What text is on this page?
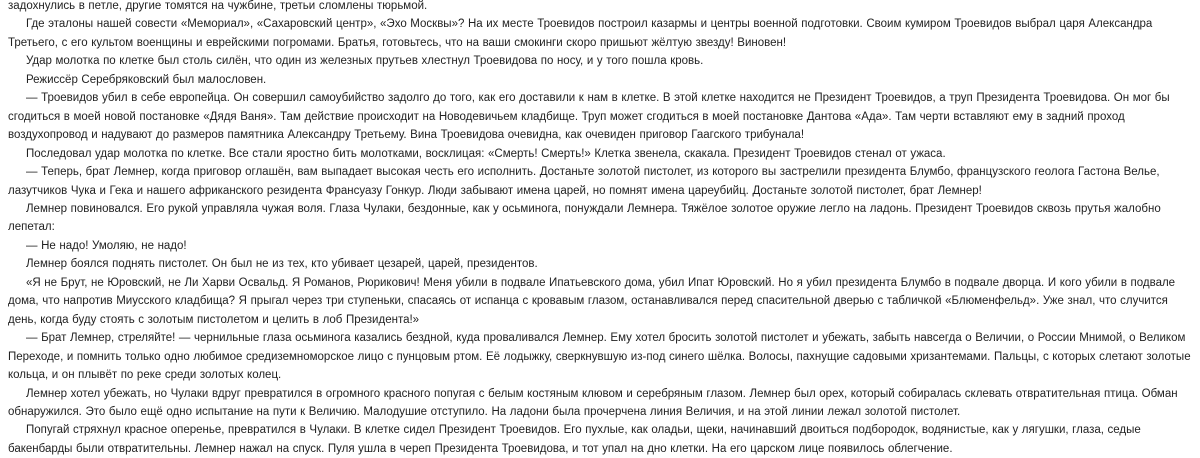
задохнулись в петле, другие томятся на чужбине, третьи сломлены тюрьмой.

Где эталоны нашей совести «Мемориал», «Сахаровский центр», «Эхо Москвы»? На их месте Троевидов построил казармы и центры военной подготовки. Своим кумиром Троевидов выбрал царя Александра Третьего, с его культом военщины и еврейскими погромами. Братья, готовьтесь, что на ваши смокинги скоро пришьют жёлтую звезду! Виновен!

Удар молотка по клетке был столь силён, что один из железных прутьев хлестнул Троевидова по носу, и у того пошла кровь.

Режиссёр Серебряковский был малословен.

— Троевидов убил в себе европейца. Он совершил самоубийство задолго до того, как его доставили к нам в клетке. В этой клетке находится не Президент Троевидов, а труп Президента Троевидова. Он мог бы сгодиться в моей новой постановке «Дядя Ваня». Там действие происходит на Новодевичьем кладбище. Труп может сгодиться в моей постановке Дантова «Ада». Там черти вставляют ему в задний проход воздухопровод и надувают до размеров памятника Александру Третьему. Вина Троевидова очевидна, как очевиден приговор Гаагского трибунала!

Последовал удар молотка по клетке. Все стали яростно бить молотками, восклицая: «Смерть! Смерть!» Клетка звенела, скакала. Президент Троевидов стенал от ужаса.

— Теперь, брат Лемнер, когда приговор оглашён, вам выпадает высокая честь его исполнить. Достаньте золотой пистолет, из которого вы застрелили президента Блумбо, французского геолога Гастона Велье, лазутчиков Чука и Гека и нашего африканского резидента Франсуазу Гонкур. Люди забывают имена царей, но помнят имена цареубийц. Достаньте золотой пистолет, брат Лемнер!

Лемнер повиновался. Его рукой управляла чужая воля. Глаза Чулаки, бездонные, как у осьминога, понуждали Лемнера. Тяжёлое золотое оружие легло на ладонь. Президент Троевидов сквозь прутья жалобно лепетал:

— Не надо! Умоляю, не надо!

Лемнер боялся поднять пистолет. Он был не из тех, кто убивает цезарей, царей, президентов.

«Я не Брут, не Юровский, не Ли Харви Освальд. Я Романов, Рюрикович! Меня убили в подвале Ипатьевского дома, убил Ипат Юровский. Но я убил президента Блумбо в подвале дворца. И кого убили в подвале дома, что напротив Миусского кладбища? Я прыгал через три ступеньки, спасаясь от испанца с кровавым глазом, останавливался перед спасительной дверью с табличкой «Блюменфельд». Уже знал, что случится день, когда буду стоять с золотым пистолетом и целить в лоб Президента!»

— Брат Лемнер, стреляйте! — чернильные глаза осьминога казались бездной, куда проваливался Лемнер. Ему хотел бросить золотой пистолет и убежать, забыть навсегда о Величии, о России Мнимой, о Великом Переходе, и помнить только одно любимое средиземноморское лицо с пунцовым ртом. Её лодыжку, сверкнувшую из-под синего шёлка. Волосы, пахнущие садовыми хризантемами. Пальцы, с которых слетают золотые кольца, и он плывёт по реке среди золотых колец.

Лемнер хотел убежать, но Чулаки вдруг превратился в огромного красного попугая с белым костяным клювом и серебряным глазом. Лемнер был орех, который собиралась склевать отвратительная птица. Обман обнаружился. Это было ещё одно испытание на пути к Величию. Малодушие отступило. На ладони была прочерчена линия Величия, и на этой линии лежал золотой пистолет.

Попугай стряхнул красное оперенье, превратился в Чулаки. В клетке сидел Президент Троевидов. Его пухлые, как оладьи, щеки, начинавший двоиться подбородок, водянистые, как у лягушки, глаза, седые бакенбарды были отвратительны. Лемнер нажал на спуск. Пуля ушла в череп Президента Троевидова, и тот упал на дно клетки. На его царском лице появилось облегчение.
